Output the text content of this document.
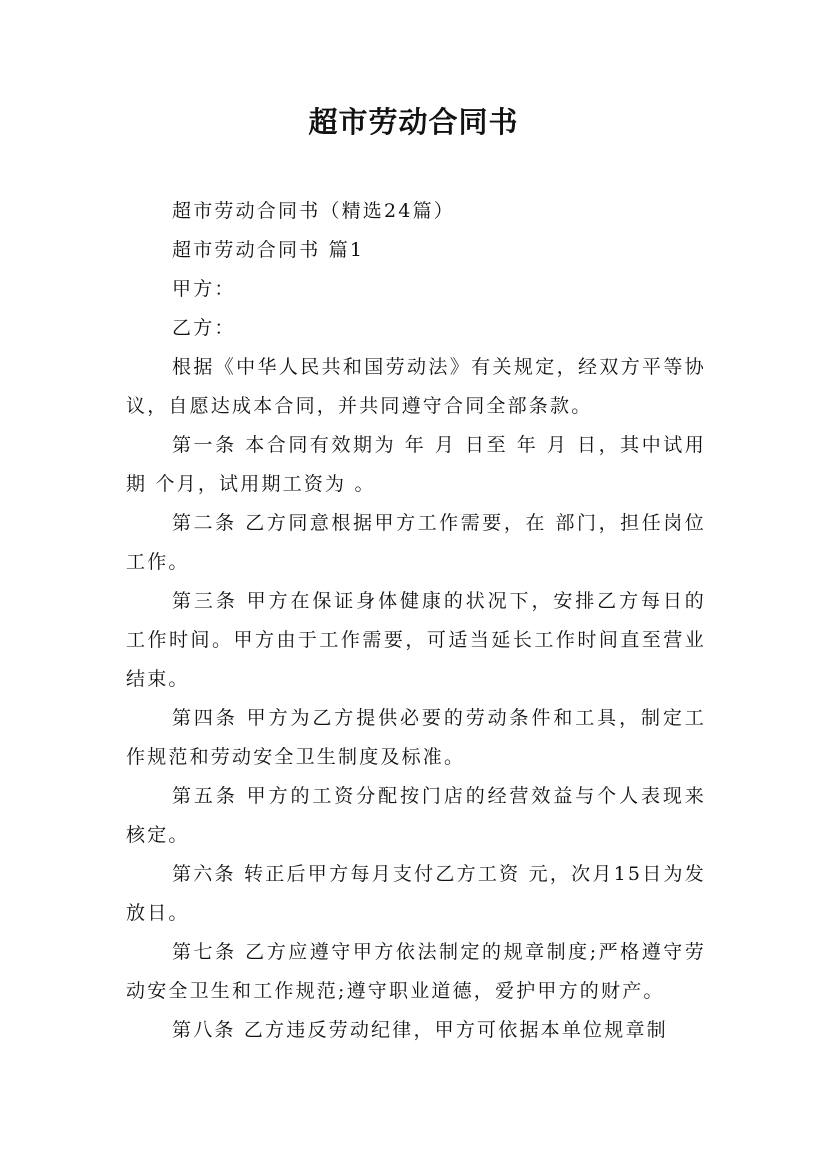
超市劳动合同书

超市劳动合同书（精选24篇）

超市劳动合同书 篇1

甲方：

乙方：

根据《中华人民共和国劳动法》有关规定，经双方平等协议，自愿达成本合同，并共同遵守合同全部条款。

第一条 本合同有效期为 年 月 日至 年 月 日，其中试用期 个月，试用期工资为 。

第二条 乙方同意根据甲方工作需要，在 部门，担任岗位工作。

第三条 甲方在保证身体健康的状况下，安排乙方每日的工作时间。甲方由于工作需要，可适当延长工作时间直至营业结束。

第四条 甲方为乙方提供必要的劳动条件和工具，制定工作规范和劳动安全卫生制度及标准。

第五条 甲方的工资分配按门店的经营效益与个人表现来核定。

第六条 转正后甲方每月支付乙方工资 元，次月15日为发放日。

第七条 乙方应遵守甲方依法制定的规章制度;严格遵守劳动安全卫生和工作规范;遵守职业道德，爱护甲方的财产。

第八条 乙方违反劳动纪律，甲方可依据本单位规章制
